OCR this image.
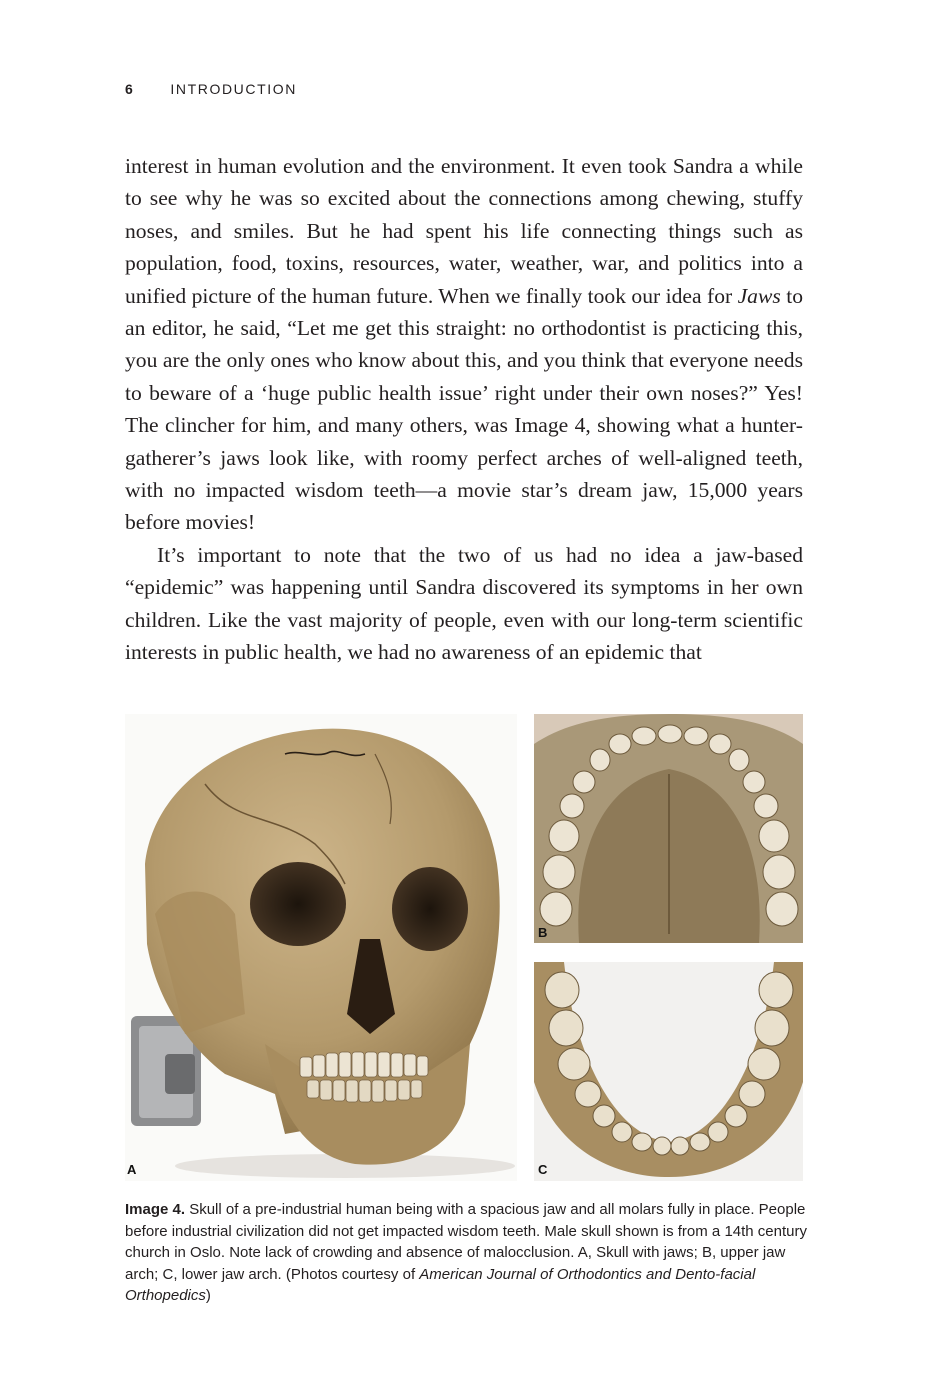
6	INTRODUCTION

interest in human evolution and the environment. It even took Sandra a while to see why he was so excited about the connections among chewing, stuffy noses, and smiles. But he had spent his life connecting things such as population, food, toxins, resources, water, weather, war, and politics into a unified picture of the human future. When we finally took our idea for Jaws to an editor, he said, “Let me get this straight: no orthodontist is practicing this, you are the only ones who know about this, and you think that everyone needs to beware of a ‘huge public health issue’ right under their own noses?” Yes! The clincher for him, and many others, was Image 4, showing what a hunter-gatherer’s jaws look like, with roomy perfect arches of well-aligned teeth, with no impacted wisdom teeth—a movie star’s dream jaw, 15,000 years before movies!

It’s important to note that the two of us had no idea a jaw-based “epidemic” was happening until Sandra discovered its symptoms in her own children. Like the vast majority of people, even with our long-term scientific interests in public health, we had no awareness of an epidemic that

A
B
C
Image 4. Skull of a pre-industrial human being with a spacious jaw and all molars fully in place. People before industrial civilization did not get impacted wisdom teeth. Male skull shown is from a 14th century church in Oslo. Note lack of crowding and absence of malocclusion. A, Skull with jaws; B, upper jaw arch; C, lower jaw arch. (Photos courtesy of American Journal of Orthodontics and Dento-facial Orthopedics)
